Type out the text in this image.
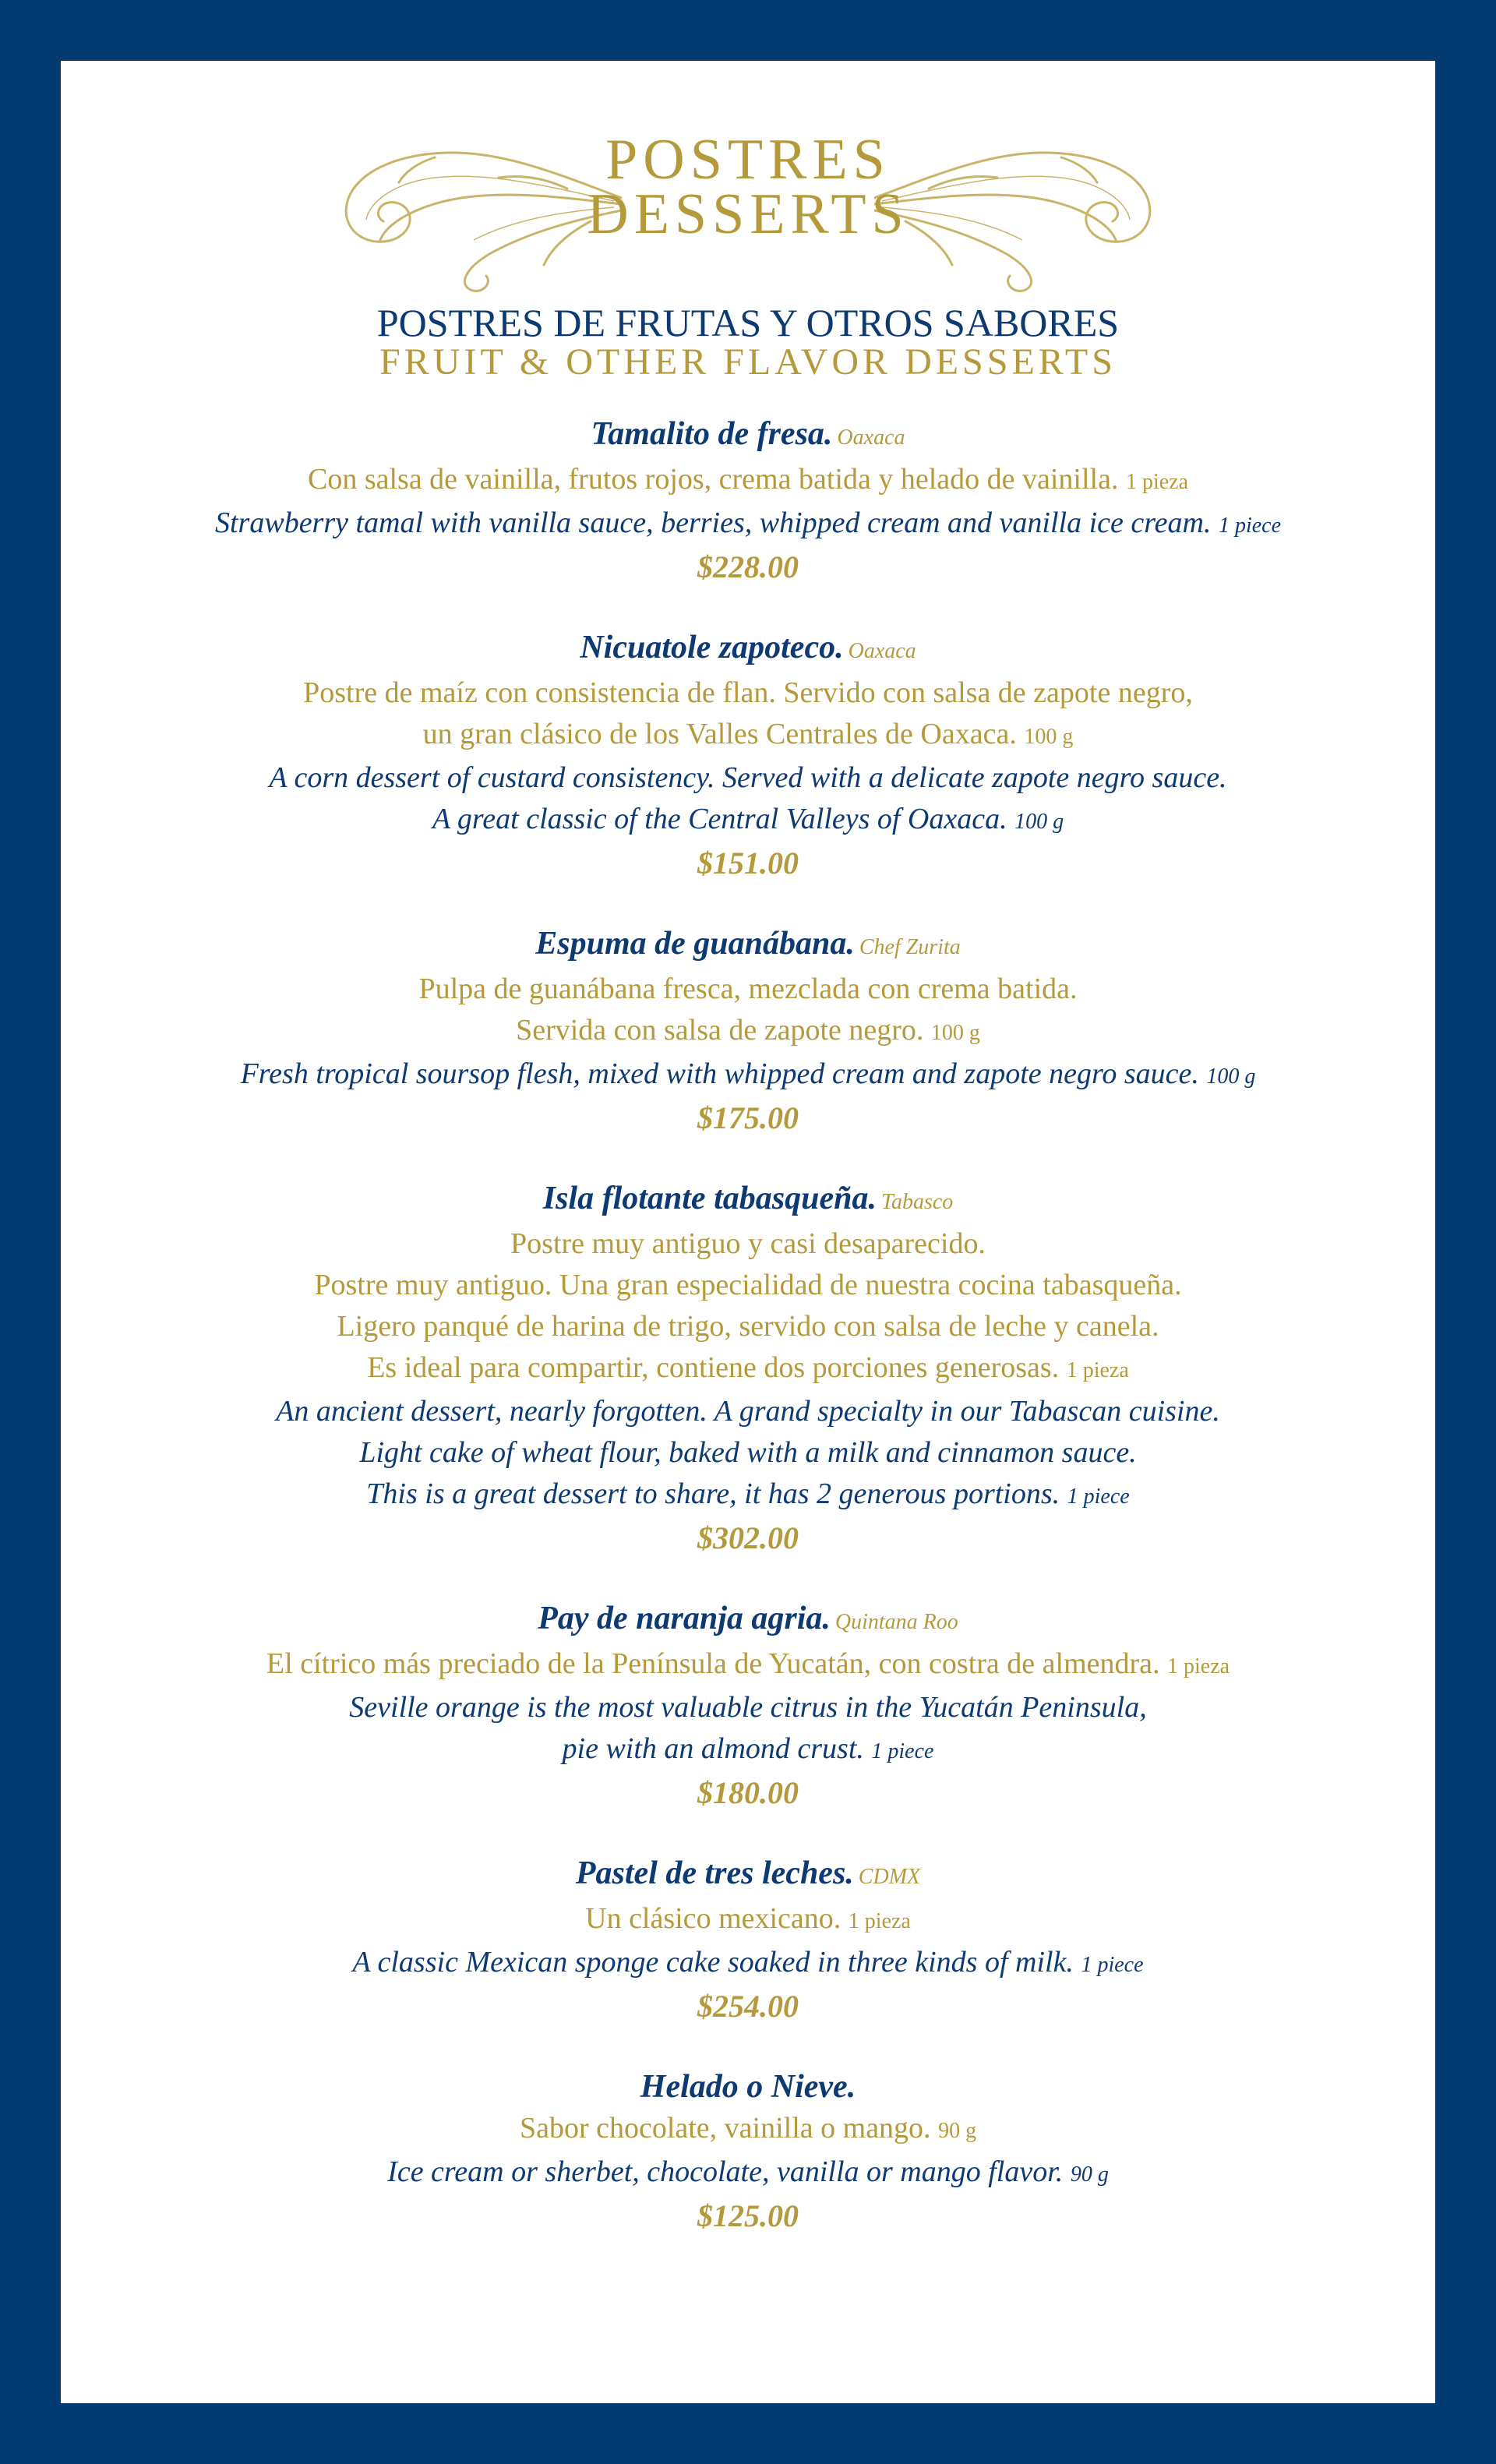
POSTRES
DESSERTS
POSTRES DE FRUTAS Y OTROS SABORES
FRUIT & OTHER FLAVOR DESSERTS
Tamalito de fresa. Oaxaca
Con salsa de vainilla, frutos rojos, crema batida y helado de vainilla. 1 pieza
Strawberry tamal with vanilla sauce, berries, whipped cream and vanilla ice cream. 1 piece
$228.00
Nicuatole zapoteco. Oaxaca
Postre de maíz con consistencia de flan. Servido con salsa de zapote negro,
un gran clásico de los Valles Centrales de Oaxaca. 100 g
A corn dessert of custard consistency. Served with a delicate zapote negro sauce.
A great classic of the Central Valleys of Oaxaca. 100 g
$151.00
Espuma de guanábana. Chef Zurita
Pulpa de guanábana fresca, mezclada con crema batida.
Servida con salsa de zapote negro. 100 g
Fresh tropical soursop flesh, mixed with whipped cream and zapote negro sauce. 100 g
$175.00
Isla flotante tabasqueña. Tabasco
Postre muy antiguo y casi desaparecido.
Postre muy antiguo. Una gran especialidad de nuestra cocina tabasqueña.
Ligero panqué de harina de trigo, servido con salsa de leche y canela.
Es ideal para compartir, contiene dos porciones generosas. 1 pieza
An ancient dessert, nearly forgotten. A grand specialty in our Tabascan cuisine.
Light cake of wheat flour, baked with a milk and cinnamon sauce.
This is a great dessert to share, it has 2 generous portions. 1 piece
$302.00
Pay de naranja agria. Quintana Roo
El cítrico más preciado de la Península de Yucatán, con costra de almendra. 1 pieza
Seville orange is the most valuable citrus in the Yucatán Peninsula,
pie with an almond crust. 1 piece
$180.00
Pastel de tres leches. CDMX
Un clásico mexicano. 1 pieza
A classic Mexican sponge cake soaked in three kinds of milk. 1 piece
$254.00
Helado o Nieve.
Sabor chocolate, vainilla o mango. 90 g
Ice cream or sherbet, chocolate, vanilla or mango flavor. 90 g
$125.00
